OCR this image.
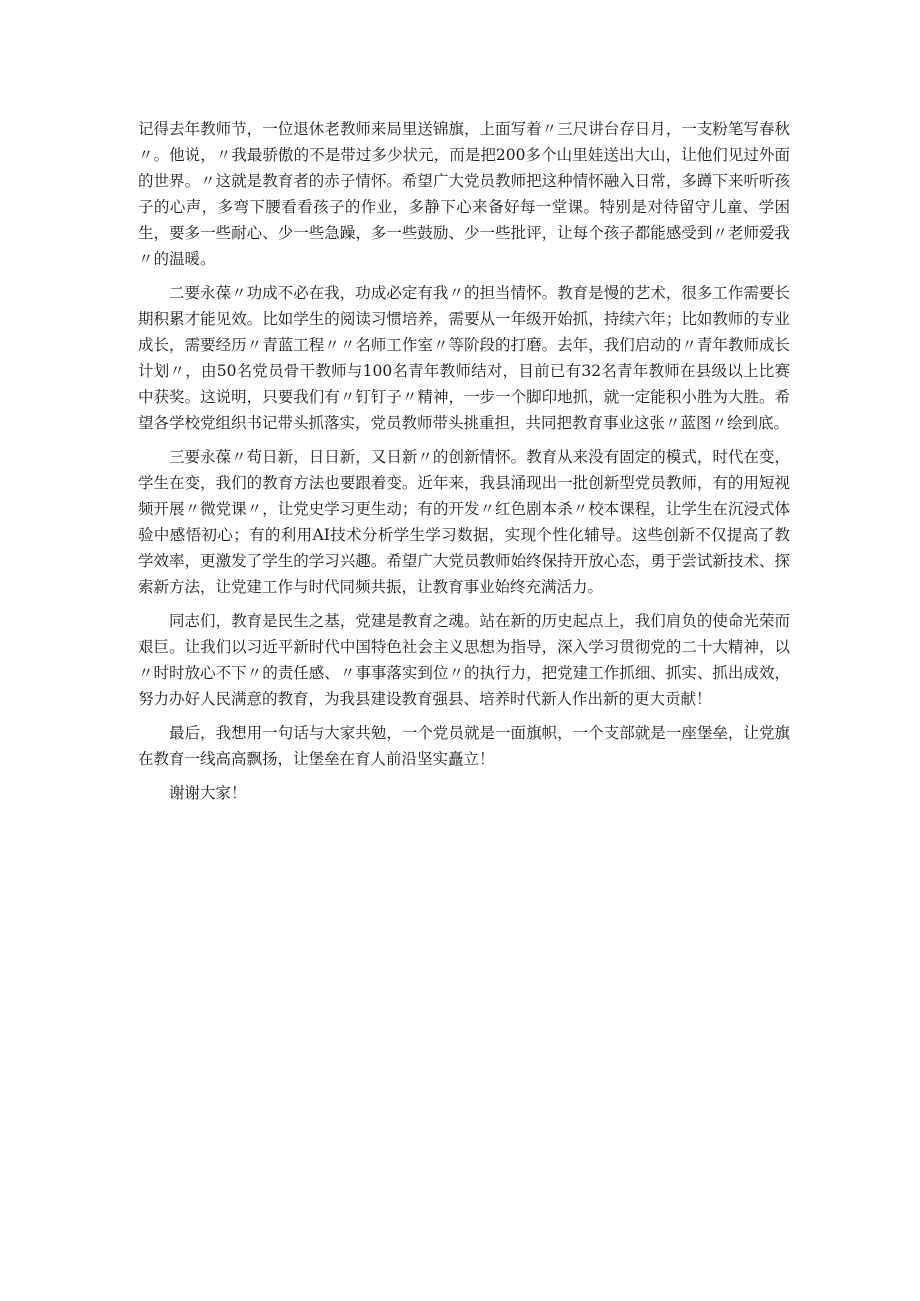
记得去年教师节，一位退休老教师来局里送锦旗，上面写着〃三尺讲台存日月，一支粉笔写春秋〃。他说，〃我最骄傲的不是带过多少状元，而是把200多个山里娃送出大山，让他们见过外面的世界。〃这就是教育者的赤子情怀。希望广大党员教师把这种情怀融入日常，多蹲下来听听孩子的心声，多弯下腰看看孩子的作业，多静下心来备好每一堂课。特别是对待留守儿童、学困生，要多一些耐心、少一些急躁，多一些鼓励、少一些批评，让每个孩子都能感受到〃老师爱我〃的温暖。

二要永葆〃功成不必在我，功成必定有我〃的担当情怀。教育是慢的艺术，很多工作需要长期积累才能见效。比如学生的阅读习惯培养，需要从一年级开始抓，持续六年；比如教师的专业成长，需要经历〃青蓝工程〃〃名师工作室〃等阶段的打磨。去年，我们启动的〃青年教师成长计划〃，由50名党员骨干教师与100名青年教师结对，目前已有32名青年教师在县级以上比赛中获奖。这说明，只要我们有〃钉钉子〃精神，一步一个脚印地抓，就一定能积小胜为大胜。希望各学校党组织书记带头抓落实，党员教师带头挑重担，共同把教育事业这张〃蓝图〃绘到底。

三要永葆〃苟日新，日日新，又日新〃的创新情怀。教育从来没有固定的模式，时代在变，学生在变，我们的教育方法也要跟着变。近年来，我县涌现出一批创新型党员教师，有的用短视频开展〃微党课〃，让党史学习更生动；有的开发〃红色剧本杀〃校本课程，让学生在沉浸式体验中感悟初心；有的利用AI技术分析学生学习数据，实现个性化辅导。这些创新不仅提高了教学效率，更激发了学生的学习兴趣。希望广大党员教师始终保持开放心态，勇于尝试新技术、探索新方法，让党建工作与时代同频共振，让教育事业始终充满活力。

同志们，教育是民生之基，党建是教育之魂。站在新的历史起点上，我们肩负的使命光荣而艰巨。让我们以习近平新时代中国特色社会主义思想为指导，深入学习贯彻党的二十大精神，以〃时时放心不下〃的责任感、〃事事落实到位〃的执行力，把党建工作抓细、抓实、抓出成效，努力办好人民满意的教育，为我县建设教育强县、培养时代新人作出新的更大贡献！

最后，我想用一句话与大家共勉，一个党员就是一面旗帜，一个支部就是一座堡垒，让党旗在教育一线高高飘扬，让堡垒在育人前沿坚实矗立！

谢谢大家！
